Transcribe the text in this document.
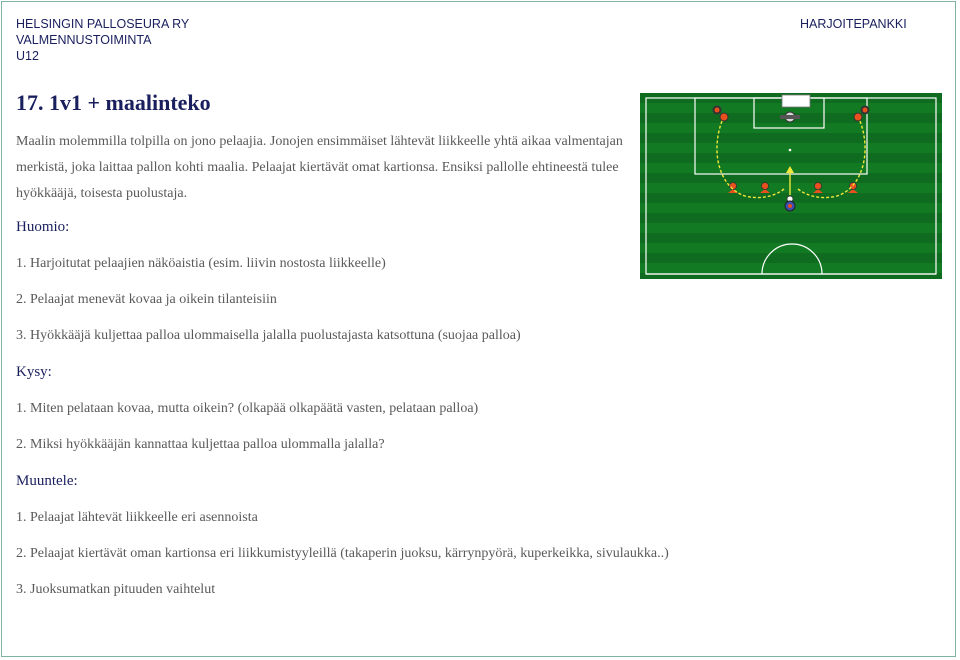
HELSINGIN PALLOSEURA RY
VALMENNUSTOIMINTA
U12
HARJOITEPANKKI
17. 1v1 + maalinteko
Maalin molemmilla tolpilla on jono pelaajia. Jonojen ensimmäiset lähtevät liikkeelle yhtä aikaa valmentajan merkistä, joka laittaa pallon kohti maalia. Pelaajat kiertävät omat kartionsa. Ensiksi pallolle ehtineestä tulee hyökkääjä, toisesta puolustaja.
Huomio:
1. Harjoitutat pelaajien näköaistia (esim. liivin nostosta liikkeelle)
2. Pelaajat menevät kovaa ja oikein tilanteisiin
3. Hyökkääjä kuljettaa palloa ulommaisella jalalla puolustajasta katsottuna (suojaa palloa)
Kysy:
1. Miten pelataan kovaa, mutta oikein? (olkapää olkapäätä vasten, pelataan palloa)
2. Miksi hyökkääjän kannattaa kuljettaa palloa ulommalla jalalla?
Muuntele:
1. Pelaajat lähtevät liikkeelle eri asennoista
2. Pelaajat kiertävät oman kartionsa eri liikkumistyyleillä (takaperin juoksu, kärrynpyörä, kuperkeikka, sivulaukka..)
3. Juoksumatkan pituuden vaihtelut
